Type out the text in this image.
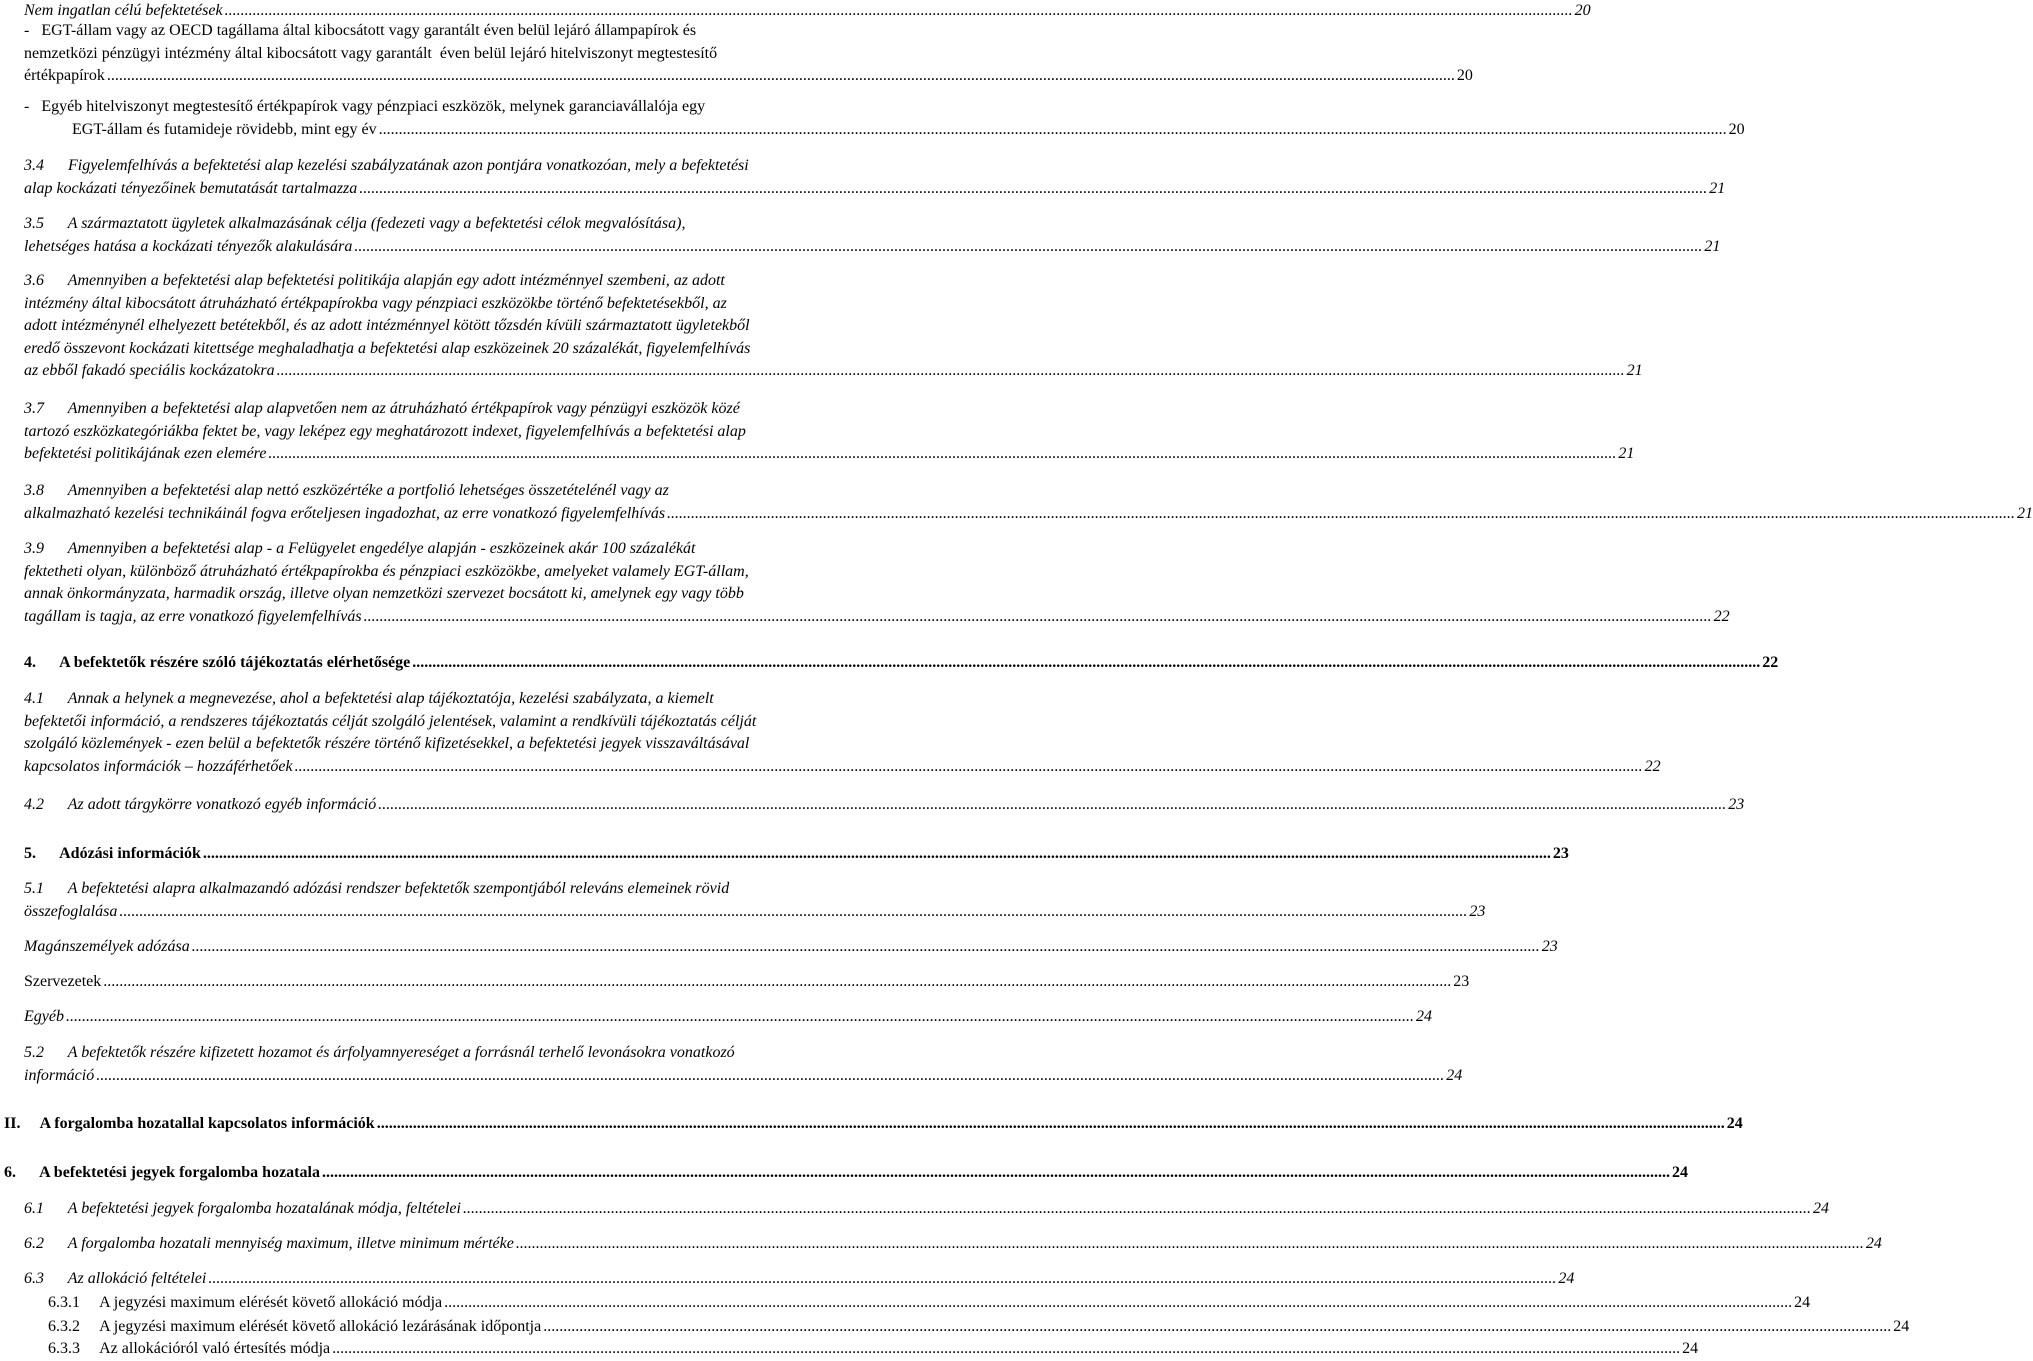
Nem ingatlan célú befektetések .....	20

-   EGT-állam vagy az OECD tagállama által kibocsátott vagy garantált éven belül lejáró állampapírok és

nemzetközi pénzügyi intézmény által kibocsátott vagy garantált  éven belül lejáró hitelviszonyt megtestesítő

értékpapírok .....	20

-   Egyéb hitelviszonyt megtestesítő értékpapírok vagy pénzpiaci eszközök, melynek garanciavállalója egy

EGT-állam és futamideje rövidebb, mint egy év .....	20

3.4      Figyelemfelhívás a befektetési alap kezelési szabályzatának azon pontjára vonatkozóan, mely a befektetési

alap kockázati tényezőinek bemutatását tartalmazza .....	21

3.5      A származtatott ügyletek alkalmazásának célja (fedezeti vagy a befektetési célok megvalósítása),

lehetséges hatása a kockázati tényezők alakulására .....	21

3.6      Amennyiben a befektetési alap befektetési politikája alapján egy adott intézménnyel szembeni, az adott

intézmény által kibocsátott átruházható értékpapírokba vagy pénzpiaci eszközökbe történő befektetésekből, az

adott intézménynél elhelyezett betétekből, és az adott intézménnyel kötött tőzsdén kívüli származtatott ügyletekből

eredő összevont kockázati kitettsége meghaladhatja a befektetési alap eszközeinek 20 százalékát, figyelemfelhívás

az ebből fakadó speciális kockázatokra .....	21

3.7      Amennyiben a befektetési alap alapvetően nem az átruházható értékpapírok vagy pénzügyi eszközök közé

tartozó eszközkategóriákba fektet be, vagy leképez egy meghatározott indexet, figyelemfelhívás a befektetési alap

befektetési politikájának ezen elemére .....	21

3.8      Amennyiben a befektetési alap nettó eszközértéke a portfolió lehetséges összetételénél vagy az

alkalmazható kezelési technikáinál fogva erőteljesen ingadozhat, az erre vonatkozó figyelemfelhívás .....	21

3.9      Amennyiben a befektetési alap - a Felügyelet engedélye alapján - eszközeinek akár 100 százalékát

fektetheti olyan, különböző átruházható értékpapírokba és pénzpiaci eszközökbe, amelyeket valamely EGT-állam,

annak önkormányzata, harmadik ország, illetve olyan nemzetközi szervezet bocsátott ki, amelynek egy vagy több

tagállam is tagja, az erre vonatkozó figyelemfelhívás .....	22
4.      A befektetők részére szóló tájékoztatás elérhetősége .....	22

4.1      Annak a helynek a megnevezése, ahol a befektetési alap tájékoztatója, kezelési szabályzata, a kiemelt

befektetői információ, a rendszeres tájékoztatás célját szolgáló jelentések, valamint a rendkívüli tájékoztatás célját

szolgáló közlemények - ezen belül a befektetők részére történő kifizetésekkel, a befektetési jegyek visszaváltásával

kapcsolatos információk – hozzáférhetőek .....	22
4.2      Az adott tárgykörre vonatkozó egyéb információ .....	23
5.      Adózási információk .....	23

5.1      A befektetési alapra alkalmazandó adózási rendszer befektetők szempontjából releváns elemeinek rövid

összefoglalása .....	23
Magánszemélyek adózása .....	23
Szervezetek .....	23
Egyéb .....	24

5.2      A befektetők részére kifizetett hozamot és árfolyamnyereséget a forrásnál terhelő levonásokra vonatkozó

információ .....	24
II.     A forgalomba hozatallal kapcsolatos információk .....	24
6.      A befektetési jegyek forgalomba hozatala .....	24
6.1      A befektetési jegyek forgalomba hozatalának módja, feltételei .....	24
6.2      A forgalomba hozatali mennyiség maximum, illetve minimum mértéke .....	24
6.3      Az allokáció feltételei .....	24
6.3.1     A jegyzési maximum elérését követő allokáció módja .....	24
6.3.2     A jegyzési maximum elérését követő allokáció lezárásának időpontja .....	24
6.3.3     Az allokációról való értesítés módja .....	24
